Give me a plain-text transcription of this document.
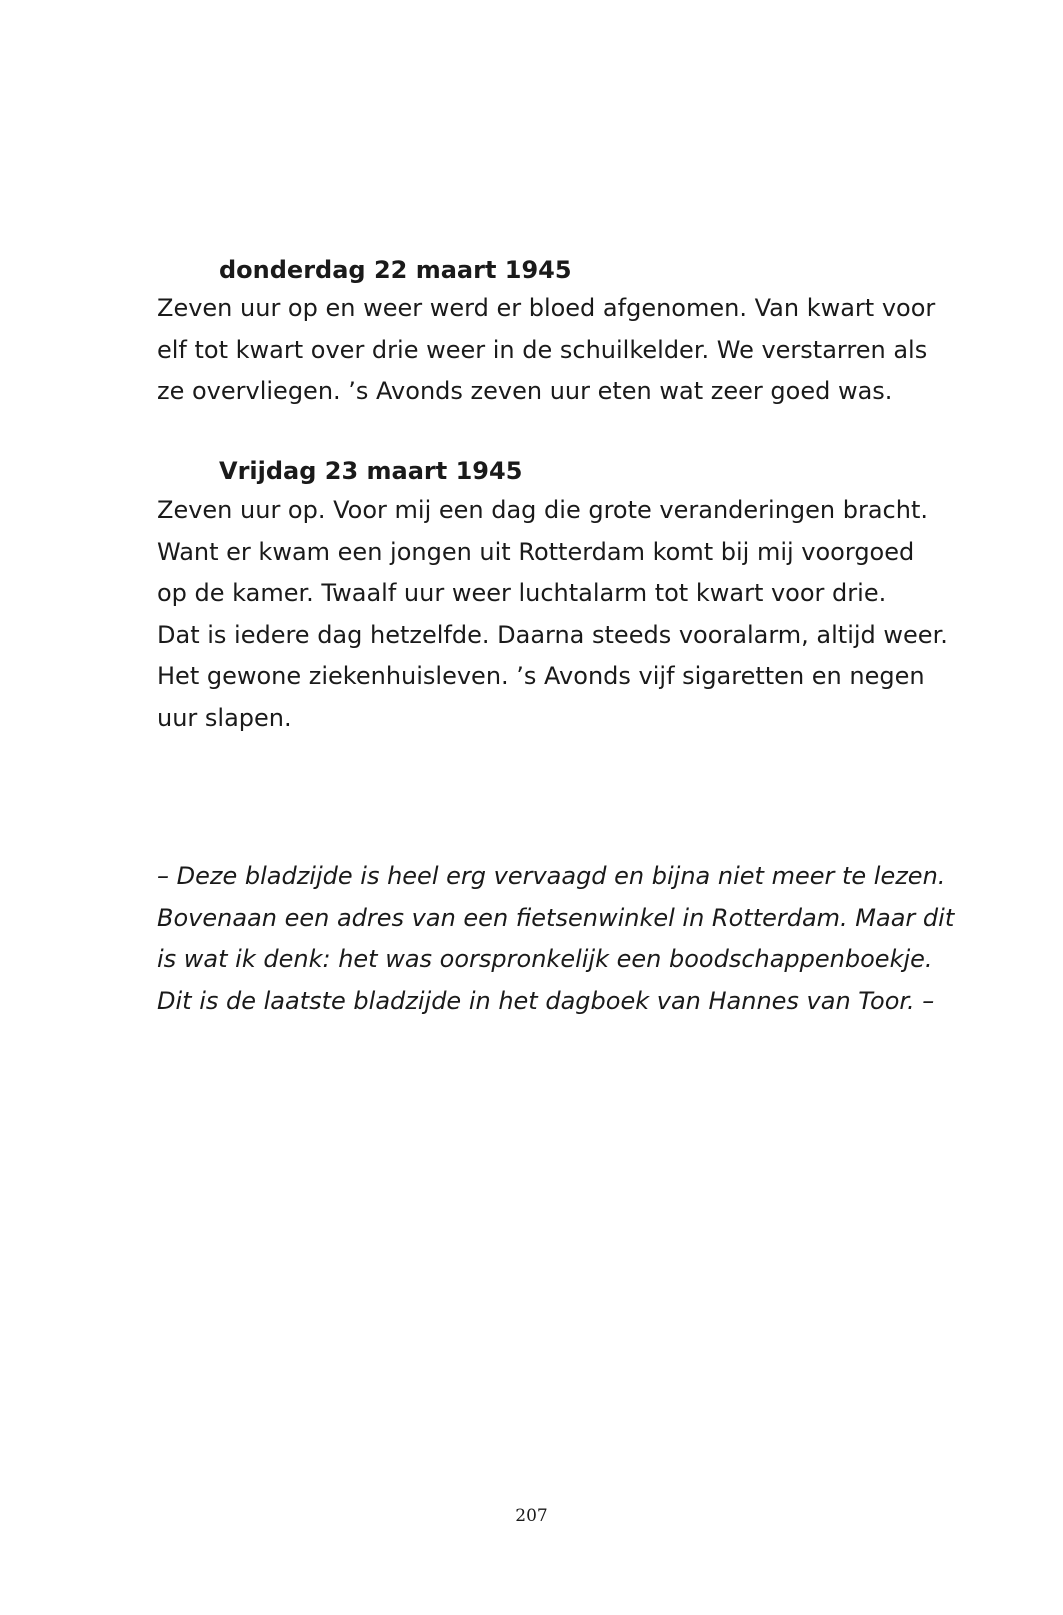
donderdag 22 maart 1945
Zeven uur op en weer werd er bloed afgenomen. Van kwart voor
elf tot kwart over drie weer in de schuilkelder. We verstarren als
ze overvliegen. ’s Avonds zeven uur eten wat zeer goed was.
Vrijdag 23 maart 1945
Zeven uur op. Voor mij een dag die grote veranderingen bracht.
Want er kwam een jongen uit Rotterdam komt bij mij voorgoed
op de kamer. Twaalf uur weer luchtalarm tot kwart voor drie.
Dat is iedere dag hetzelfde. Daarna steeds vooralarm, altijd weer.
Het gewone ziekenhuisleven. ’s Avonds vijf sigaretten en negen
uur slapen.
– Deze bladzijde is heel erg vervaagd en bijna niet meer te lezen.
Bovenaan een adres van een fietsenwinkel in Rotterdam. Maar dit
is wat ik denk: het was oorspronkelijk een boodschappenboekje.
Dit is de laatste bladzijde in het dagboek van Hannes van Toor. –
207
